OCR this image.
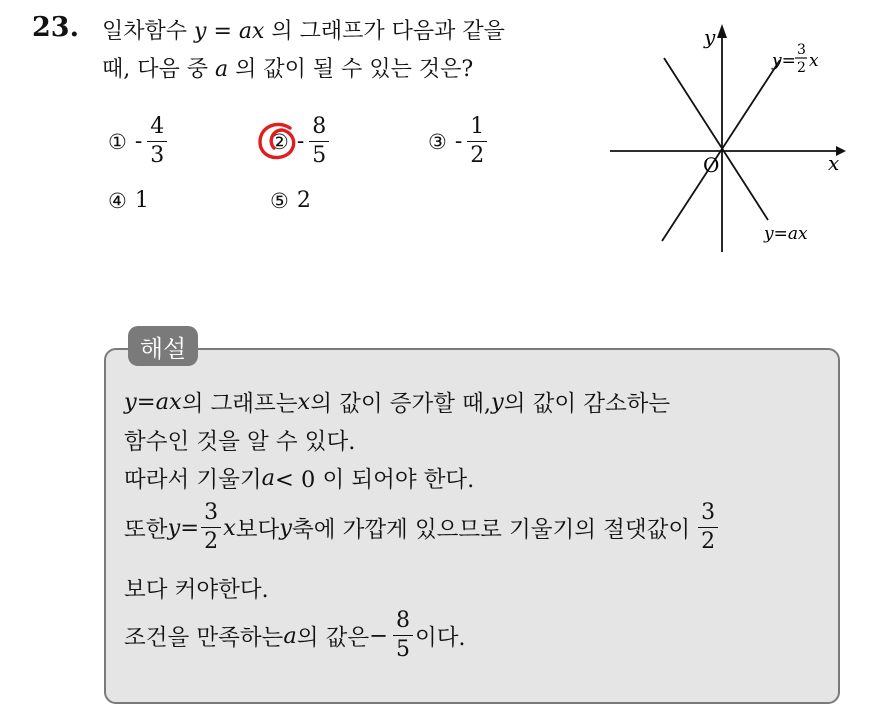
23. 일차함수 y = ax 의 그래프가 다음과 같을
때, 다음 중 a 의 값이 될 수 있는 것은?
① - $\frac{4}{3}$	② - $\frac{8}{5}$	③ - $\frac{1}{2}$
④ 1	⑤ 2
y
x
O
y=
3
2 x
y=ax
해설
y = ax 의 그래프는 x 의 값이 증가할 때, y 의 값이 감소하는
함수인 것을 알 수 있다.
따라서 기울기 a < 0 이 되어야 한다.
또한 $y = \frac{3}{2}$ x 보다 y 축에 가깝게 있으므로 기울기의 절댓값이 $\frac{3}{2}$
보다 커야한다.
조건을 만족하는 a 의 값은 − $\frac{8}{5}$ 이다.
